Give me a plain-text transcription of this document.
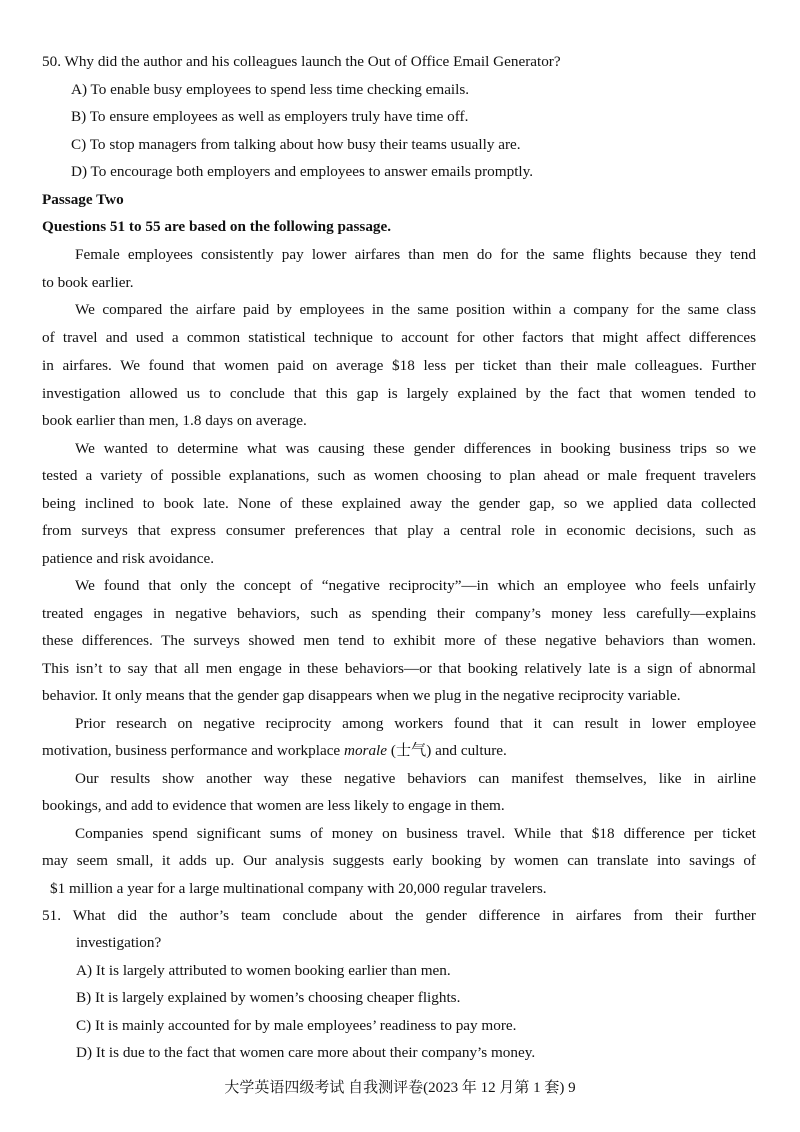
50. Why did the author and his colleagues launch the Out of Office Email Generator?

A) To enable busy employees to spend less time checking emails.

B) To ensure employees as well as employers truly have time off.

C) To stop managers from talking about how busy their teams usually are.

D) To encourage both employers and employees to answer emails promptly.

Passage Two

Questions 51 to 55 are based on the following passage.

Female employees consistently pay lower airfares than men do for the same flights because they tend

to book earlier.

We compared the airfare paid by employees in the same position within a company for the same class

of travel and used a common statistical technique to account for other factors that might affect differences

in airfares. We found that women paid on average $18 less per ticket than their male colleagues. Further

investigation allowed us to conclude that this gap is largely explained by the fact that women tended to

book earlier than men, 1.8 days on average.

We wanted to determine what was causing these gender differences in booking business trips so we

tested a variety of possible explanations, such as women choosing to plan ahead or male frequent travelers

being inclined to book late. None of these explained away the gender gap, so we applied data collected

from surveys that express consumer preferences that play a central role in economic decisions, such as

patience and risk avoidance.

We found that only the concept of “negative reciprocity”—in which an employee who feels unfairly

treated engages in negative behaviors, such as spending their company’s money less carefully—explains

these differences. The surveys showed men tend to exhibit more of these negative behaviors than women.

This isn’t to say that all men engage in these behaviors—or that booking relatively late is a sign of abnormal

behavior. It only means that the gender gap disappears when we plug in the negative reciprocity variable.

Prior research on negative reciprocity among workers found that it can result in lower employee

motivation, business performance and workplace morale (士气) and culture.

Our results show another way these negative behaviors can manifest themselves, like in airline

bookings, and add to evidence that women are less likely to engage in them.

Companies spend significant sums of money on business travel. While that $18 difference per ticket

may seem small, it adds up. Our analysis suggests early booking by women can translate into savings of

$1 million a year for a large multinational company with 20,000 regular travelers.

51. What did the author’s team conclude about the gender difference in airfares from their further

investigation?

A) It is largely attributed to women booking earlier than men.

B) It is largely explained by women’s choosing cheaper flights.

C) It is mainly accounted for by male employees’ readiness to pay more.

D) It is due to the fact that women care more about their company’s money.

大学英语四级考试 自我测评卷(2023 年 12 月第 1 套) 9
